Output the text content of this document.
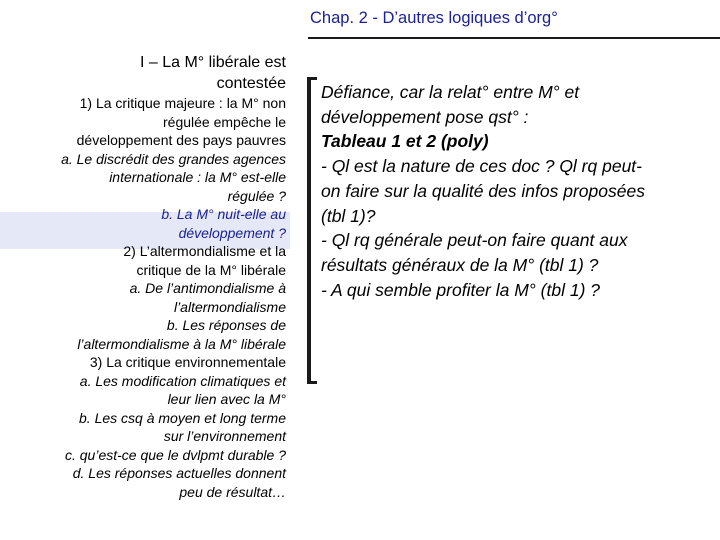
Chap. 2 - D’autres logiques d’org°
I – La M° libérale est
contestée
1) La critique majeure : la M° non
régulée empêche le
développement des pays pauvres
a. Le discrédit des grandes agences
internationale : la M° est-elle
régulée ?
b. La M° nuit-elle au
développement ?
2) L’altermondialisme et la
critique de la M° libérale
a. De l’antimondialisme à
l’altermondialisme
b. Les réponses de
l’altermondialisme à la M° libérale
3) La critique environnementale
a. Les modification climatiques et
leur lien avec la M°
b. Les csq à moyen et long terme
sur l’environnement
c. qu’est-ce que le dvlpmt durable ?
d. Les réponses actuelles donnent
peu de résultat…
Défiance, car la relat° entre M° et
développement pose qst° :
Tableau 1 et 2 (poly)
- Ql est la nature de ces doc ? Ql rq peut-
on faire sur la qualité des infos proposées
(tbl 1)?
- Ql rq générale peut-on faire quant aux
résultats généraux de la M° (tbl 1) ?
- A qui semble profiter la M° (tbl 1) ?
